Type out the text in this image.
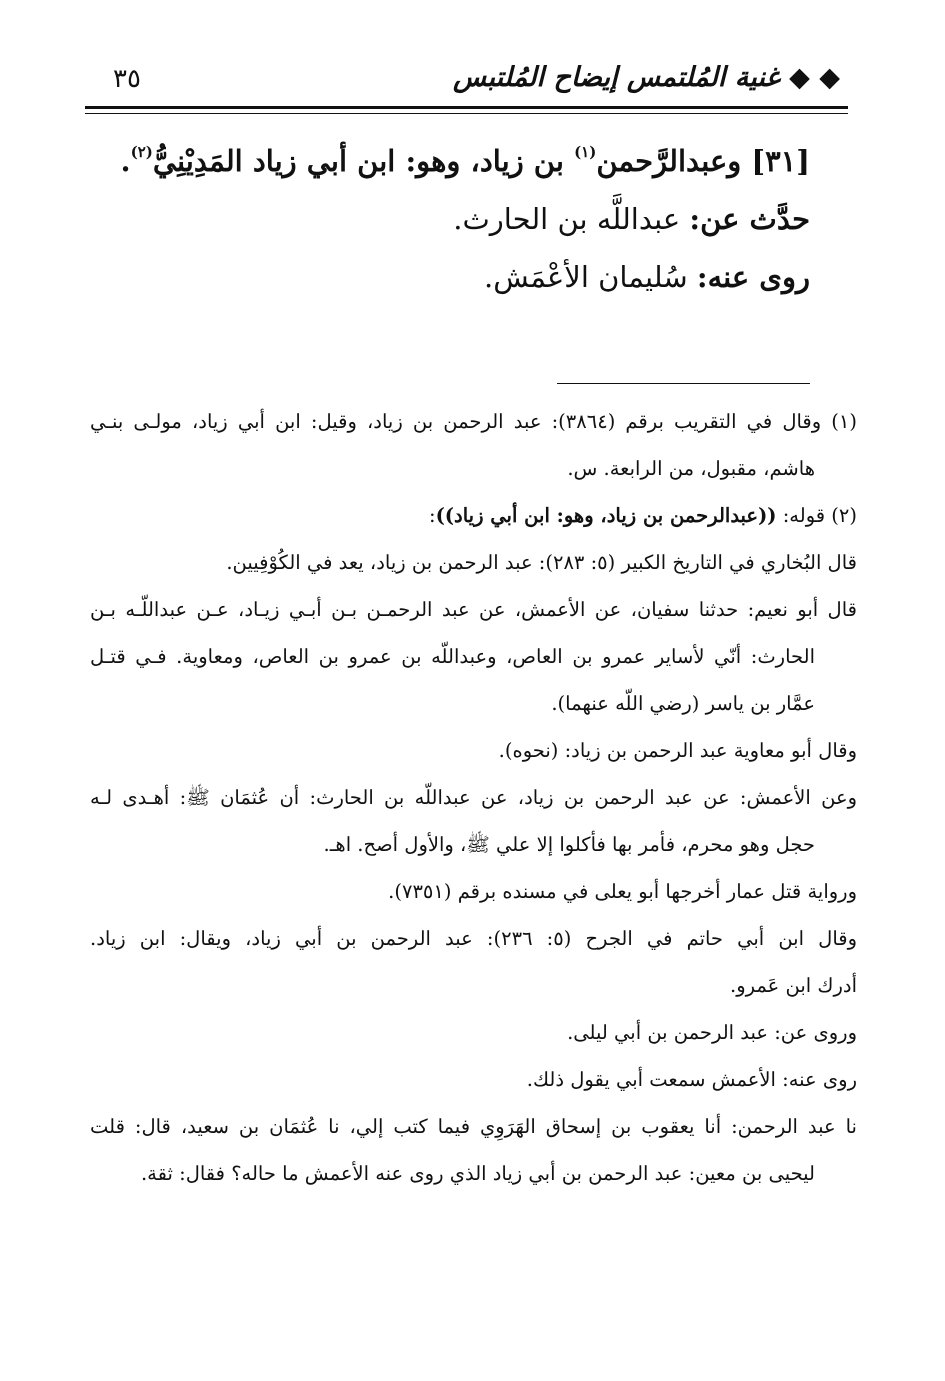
◆ ◆ غنية المُلتمس إيضاح المُلتبس
٣٥
[٣١] وعبدالرَّحمن$^{(١)}$ بن زياد، وهو: ابن أبي زياد المَدِيْنِيُّ$^{(٢)}$.
حدَّث عن: عبداللَّه بن الحارث.
روى عنه: سُليمان الأعْمَش.
(١) وقال في التقريب برقم (٣٨٦٤): عبد الرحمن بن زياد، وقيل: ابن أبي زياد، مولـى بنـي
هاشم، مقبول، من الرابعة. س.
(٢) قوله: ((عبدالرحمن بن زياد، وهو: ابن أبي زياد)):
قال البُخاري في التاريخ الكبير (٥: ٢٨٣): عبد الرحمن بن زياد، يعد في الكُوْفِيين.
قال أبو نعيم: حدثنا سفيان، عن الأعمش، عن عبد الرحمـن بـن أبـي زيـاد، عـن عبداللّـه بـن
الحارث: أنّي لأساير عمرو بن العاص، وعبداللّه بن عمرو بن العاص، ومعاوية. فـي قتـل
عمَّار بن ياسر (رضي اللّه عنهما).
وقال أبو معاوية عبد الرحمن بن زياد: (نحوه).
وعن الأعمش: عن عبد الرحمن بن زياد، عن عبداللّه بن الحارث: أن عُثمَان ﷺ: أهـدى لـه
حجل وهو محرم، فأمر بها فأكلوا إلا علي ﷺ، والأول أصح. اهـ.
ورواية قتل عمار أخرجها أبو يعلى في مسنده برقم (٧٣٥١).
وقال ابن أبي حاتم في الجرح (٥: ٢٣٦): عبد الرحمن بن أبي زياد، ويقال: ابن زياد.
أدرك ابن عَمرو.
وروى عن: عبد الرحمن بن أبي ليلى.
روى عنه: الأعمش سمعت أبي يقول ذلك.
نا عبد الرحمن: أنا يعقوب بن إسحاق الهَرَوِي فيما كتب إلي، نا عُثمَان بن سعيد، قال: قلت
ليحيى بن معين: عبد الرحمن بن أبي زياد الذي روى عنه الأعمش ما حاله؟ فقال: ثقة.
